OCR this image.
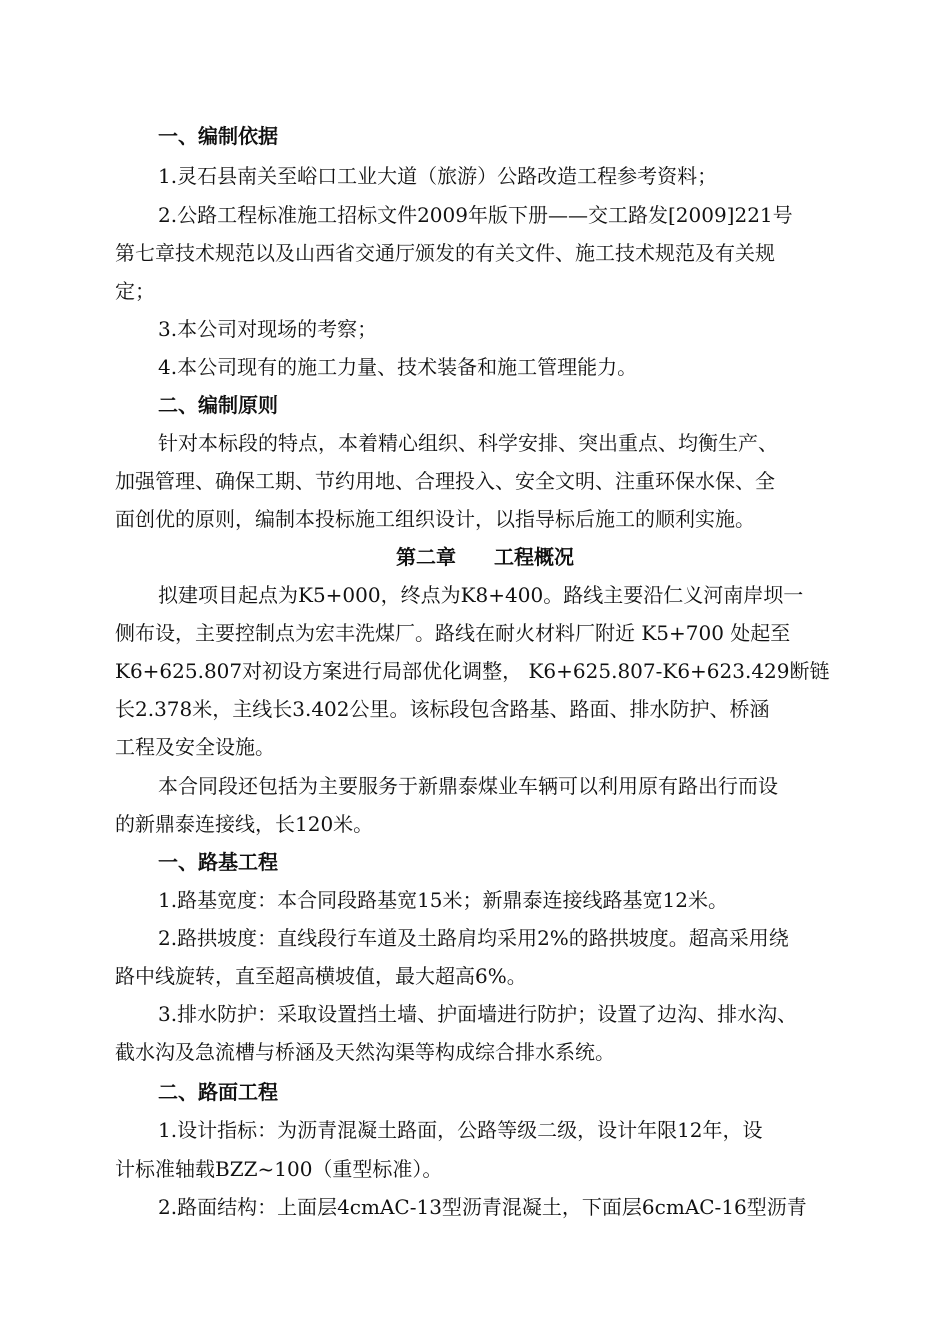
一、编制依据
1.灵石县南关至峪口工业大道（旅游）公路改造工程参考资料；
2.公路工程标准施工招标文件2009年版下册——交工路发[2009]221号
第七章技术规范以及山西省交通厅颁发的有关文件、施工技术规范及有关规
定；
3.本公司对现场的考察；
4.本公司现有的施工力量、技术装备和施工管理能力。
二、编制原则
针对本标段的特点，本着精心组织、科学安排、突出重点、均衡生产、
加强管理、确保工期、节约用地、合理投入、安全文明、注重环保水保、全
面创优的原则，编制本投标施工组织设计，以指导标后施工的顺利实施。
第二章 工程概况
拟建项目起点为K5+000，终点为K8+400。路线主要沿仁义河南岸坝一
侧布设，主要控制点为宏丰洗煤厂。路线在耐火材料厂附近 K5+700 处起至
K6+625.807对初设方案进行局部优化调整， K6+625.807-K6+623.429断链
长2.378米，主线长3.402公里。该标段包含路基、路面、排水防护、桥涵
工程及安全设施。
本合同段还包括为主要服务于新鼎泰煤业车辆可以利用原有路出行而设
的新鼎泰连接线，长120米。
一、路基工程
1.路基宽度：本合同段路基宽15米；新鼎泰连接线路基宽12米。
2.路拱坡度：直线段行车道及土路肩均采用2%的路拱坡度。超高采用绕
路中线旋转，直至超高横坡值，最大超高6%。
3.排水防护：采取设置挡土墙、护面墙进行防护；设置了边沟、排水沟、
截水沟及急流槽与桥涵及天然沟渠等构成综合排水系统。
二、路面工程
1.设计指标：为沥青混凝土路面，公路等级二级，设计年限12年，设
计标准轴载BZZ~100（重型标准）。
2.路面结构：上面层4cmAC-13型沥青混凝土，下面层6cmAC-16型沥青
